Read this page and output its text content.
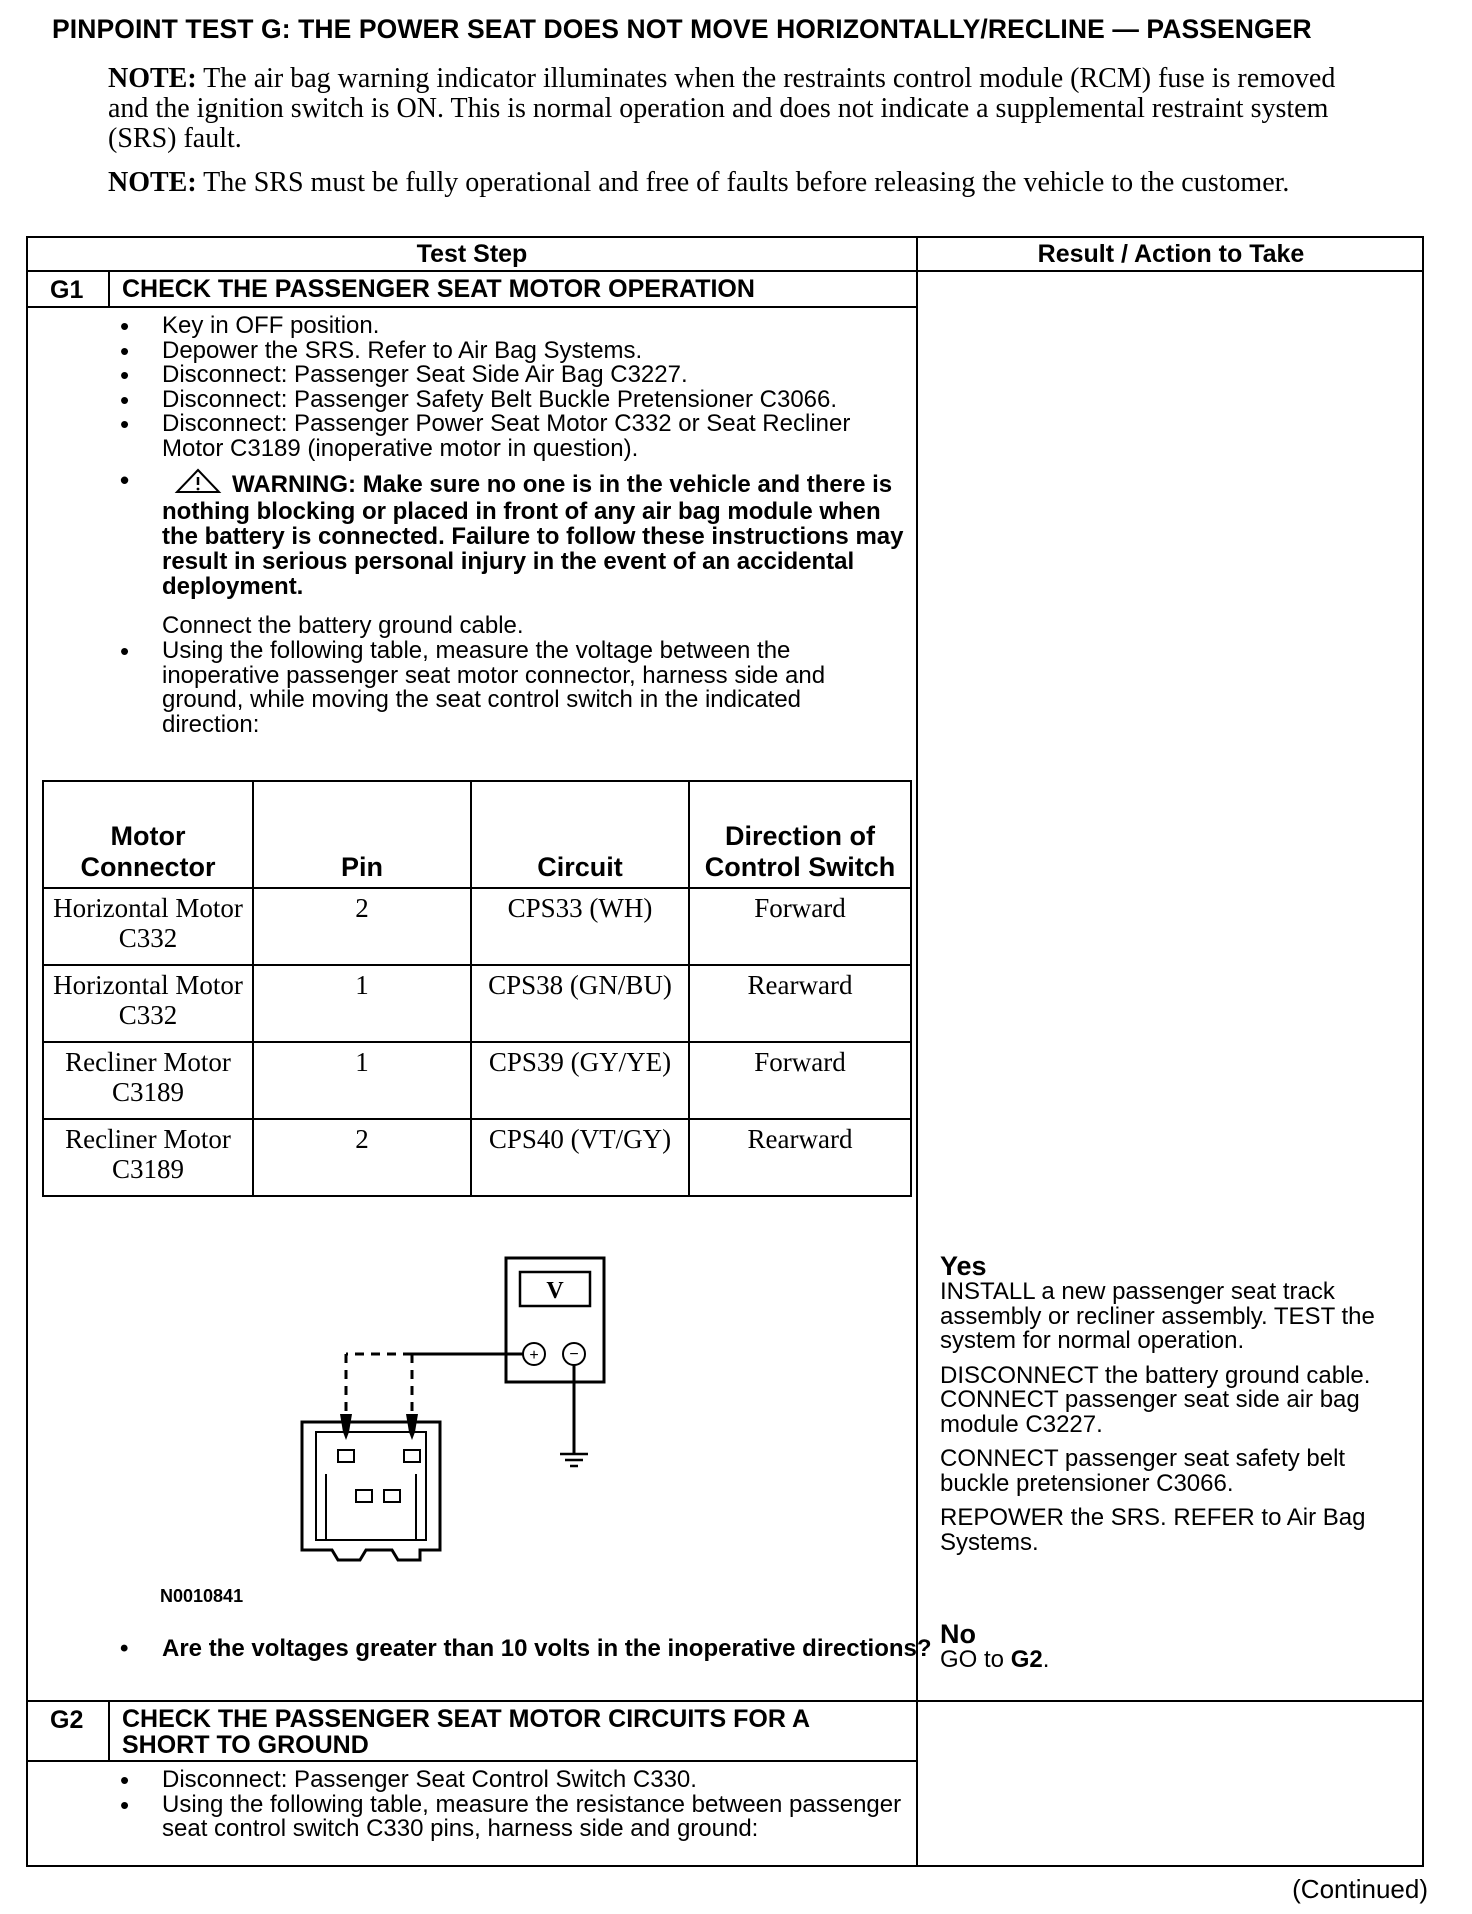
PINPOINT TEST G: THE POWER SEAT DOES NOT MOVE HORIZONTALLY/RECLINE — PASSENGER
NOTE: The air bag warning indicator illuminates when the restraints control module (RCM) fuse is removed and the ignition switch is ON. This is normal operation and does not indicate a supplemental restraint system (SRS) fault.
NOTE: The SRS must be fully operational and free of faults before releasing the vehicle to the customer.
Test Step	Result / Action to Take
G1 CHECK THE PASSENGER SEAT MOTOR OPERATION
• Key in OFF position.
• Depower the SRS. Refer to Air Bag Systems.
• Disconnect: Passenger Seat Side Air Bag C3227.
• Disconnect: Passenger Safety Belt Buckle Pretensioner C3066.
• Disconnect: Passenger Power Seat Motor C332 or Seat Recliner Motor C3189 (inoperative motor in question).
• WARNING: Make sure no one is in the vehicle and there is nothing blocking or placed in front of any air bag module when the battery is connected. Failure to follow these instructions may result in serious personal injury in the event of an accidental deployment.
Connect the battery ground cable.
• Using the following table, measure the voltage between the inoperative passenger seat motor connector, harness side and ground, while moving the seat control switch in the indicated direction:
Motor Connector	Pin	Circuit	Direction of Control Switch
Horizontal Motor C332	2	CPS33 (WH)	Forward
Horizontal Motor C332	1	CPS38 (GN/BU)	Rearward
Recliner Motor C3189	1	CPS39 (GY/YE)	Forward
Recliner Motor C3189	2	CPS40 (VT/GY)	Rearward
V
+ −
N0010841
• Are the voltages greater than 10 volts in the inoperative directions?
Yes

INSTALL a new passenger seat track assembly or recliner assembly. TEST the system for normal operation.

DISCONNECT the battery ground cable. CONNECT passenger seat side air bag module C3227.

CONNECT passenger seat safety belt buckle pretensioner C3066.

REPOWER the SRS. REFER to Air Bag Systems.

No
GO to G2.
G2 CHECK THE PASSENGER SEAT MOTOR CIRCUITS FOR A SHORT TO GROUND
• Disconnect: Passenger Seat Control Switch C330.
• Using the following table, measure the resistance between passenger seat control switch C330 pins, harness side and ground:
(Continued)
